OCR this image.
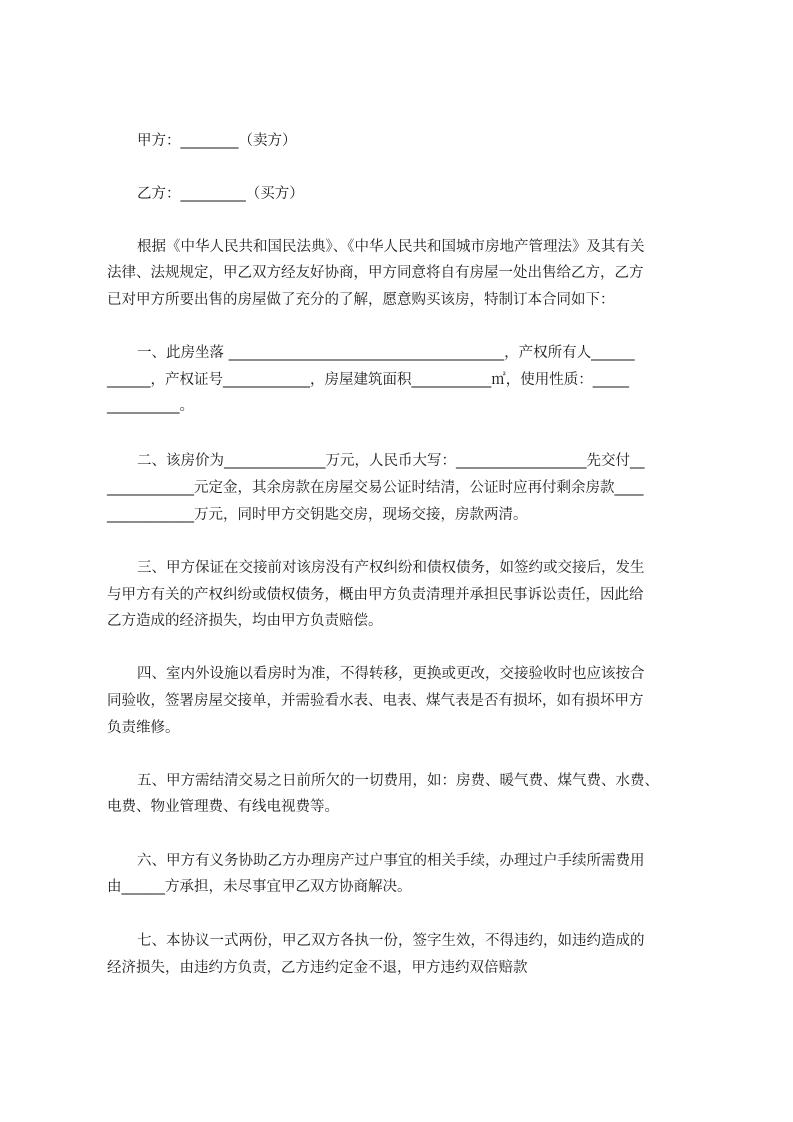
甲方：________（卖方）
乙方：_________（买方）
根据《中华人民共和国民法典》、《中华人民共和国城市房地产管理法》及其有关
法律、法规规定，甲乙双方经友好协商，甲方同意将自有房屋一处出售给乙方，乙方
已对甲方所要出售的房屋做了充分的了解，愿意购买该房，特制订本合同如下：
一、此房坐落 ______________________________________，产权所有人______
______，产权证号____________，房屋建筑面积___________㎡，使用性质：_____
__________。
二、该房价为______________万元，人民币大写：__________________先交付__
____________元定金，其余房款在房屋交易公证时结清，公证时应再付剩余房款____
____________万元，同时甲方交钥匙交房，现场交接，房款两清。
三、甲方保证在交接前对该房没有产权纠纷和债权债务，如签约或交接后，发生
与甲方有关的产权纠纷或债权债务，概由甲方负责清理并承担民事诉讼责任，因此给
乙方造成的经济损失，均由甲方负责赔偿。
四、室内外设施以看房时为准，不得转移，更换或更改，交接验收时也应该按合
同验收，签署房屋交接单，并需验看水表、电表、煤气表是否有损坏，如有损坏甲方
负责维修。
五、甲方需结清交易之日前所欠的一切费用，如：房费、暖气费、煤气费、水费、
电费、物业管理费、有线电视费等。
六、甲方有义务协助乙方办理房产过户事宜的相关手续，办理过户手续所需费用
由______方承担，未尽事宜甲乙双方协商解决。
七、本协议一式两份，甲乙双方各执一份，签字生效，不得违约，如违约造成的
经济损失，由违约方负责，乙方违约定金不退，甲方违约双倍赔款
